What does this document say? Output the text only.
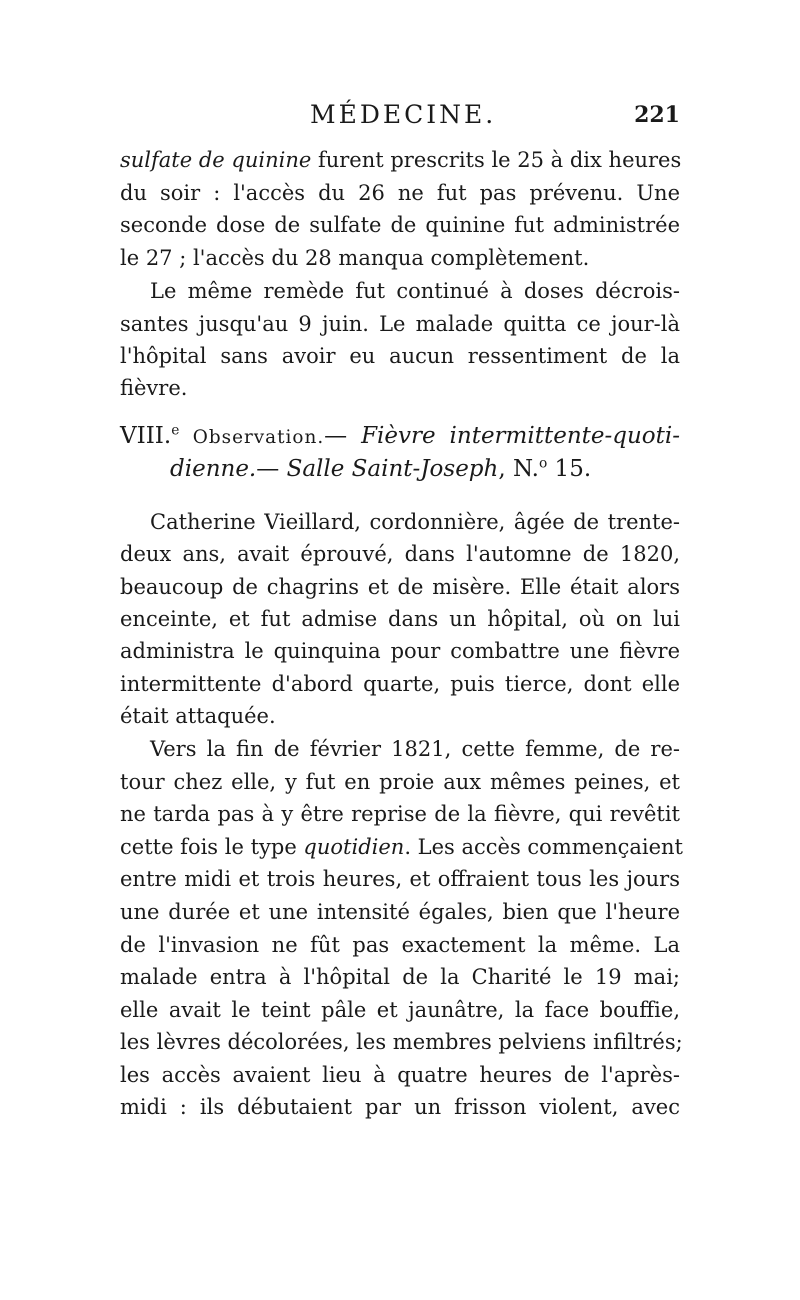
MÉDECINE.	221
sulfate de quinine furent prescrits le 25 à dix heures
du soir : l'accès du 26 ne fut pas prévenu. Une
seconde dose de sulfate de quinine fut administrée
le 27 ; l'accès du 28 manqua complètement.
Le même remède fut continué à doses décrois-
santes jusqu'au 9 juin. Le malade quitta ce jour-là
l'hôpital sans avoir eu aucun ressentiment de la
fièvre.
VIII.$^e$ Observation.— Fièvre intermittente-quoti-
dienne.— Salle Saint-Joseph, N.$^o$ 15.
Catherine Vieillard, cordonnière, âgée de trente-
deux ans, avait éprouvé, dans l'automne de 1820,
beaucoup de chagrins et de misère. Elle était alors
enceinte, et fut admise dans un hôpital, où on lui
administra le quinquina pour combattre une fièvre
intermittente d'abord quarte, puis tierce, dont elle
était attaquée.
Vers la fin de février 1821, cette femme, de re-
tour chez elle, y fut en proie aux mêmes peines, et
ne tarda pas à y être reprise de la fièvre, qui revêtit
cette fois le type quotidien. Les accès commençaient
entre midi et trois heures, et offraient tous les jours
une durée et une intensité égales, bien que l'heure
de l'invasion ne fût pas exactement la même. La
malade entra à l'hôpital de la Charité le 19 mai;
elle avait le teint pâle et jaunâtre, la face bouffie,
les lèvres décolorées, les membres pelviens infiltrés;
les accès avaient lieu à quatre heures de l'après-
midi : ils débutaient par un frisson violent, avec
